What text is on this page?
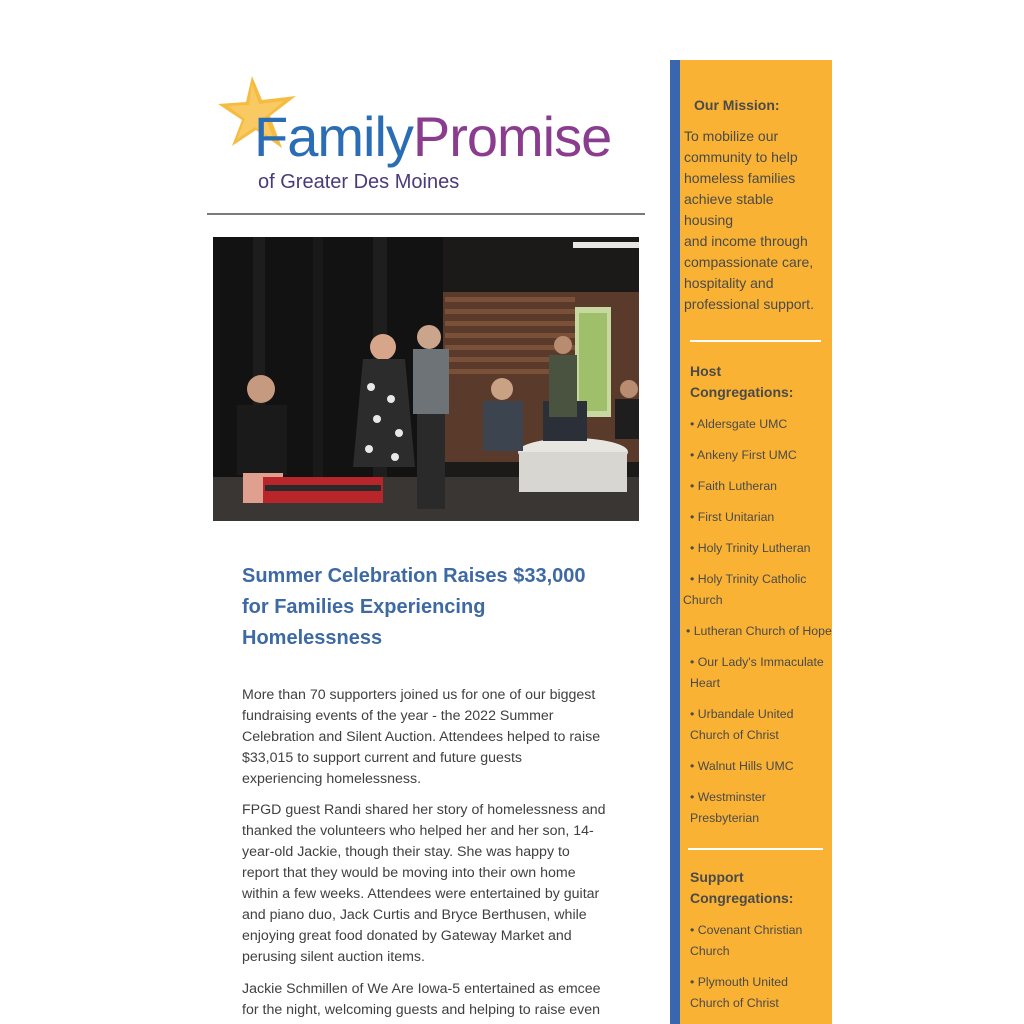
FamilyPromise
of Greater Des Moines
Summer Celebration Raises $33,000
for Families Experiencing
Homelessness
More than 70 supporters joined us for one of our biggest
fundraising events of the year - the 2022 Summer
Celebration and Silent Auction. Attendees helped to raise
$33,015 to support current and future guests
experiencing homelessness.
FPGD guest Randi shared her story of homelessness and
thanked the volunteers who helped her and her son, 14-
year-old Jackie, though their stay. She was happy to
report that they would be moving into their own home
within a few weeks. Attendees were entertained by guitar
and piano duo, Jack Curtis and Bryce Berthusen, while
enjoying great food donated by Gateway Market and
perusing silent auction items.
Jackie Schmillen of We Are Iowa-5 entertained as emcee
for the night, welcoming guests and helping to raise even
Our Mission:
To mobilize our
community to help
homeless families
achieve stable
housing
and income through
compassionate care,
hospitality and
professional support.
Host
Congregations:
• Aldersgate UMC
• Ankeny First UMC
• Faith Lutheran
• First Unitarian
• Holy Trinity Lutheran
• Holy Trinity Catholic
Church
• Lutheran Church of Hope
• Our Lady's Immaculate
Heart
• Urbandale United
Church of Christ
• Walnut Hills UMC
• Westminster
Presbyterian
Support
Congregations:
• Covenant Christian
Church
• Plymouth United
Church of Christ
